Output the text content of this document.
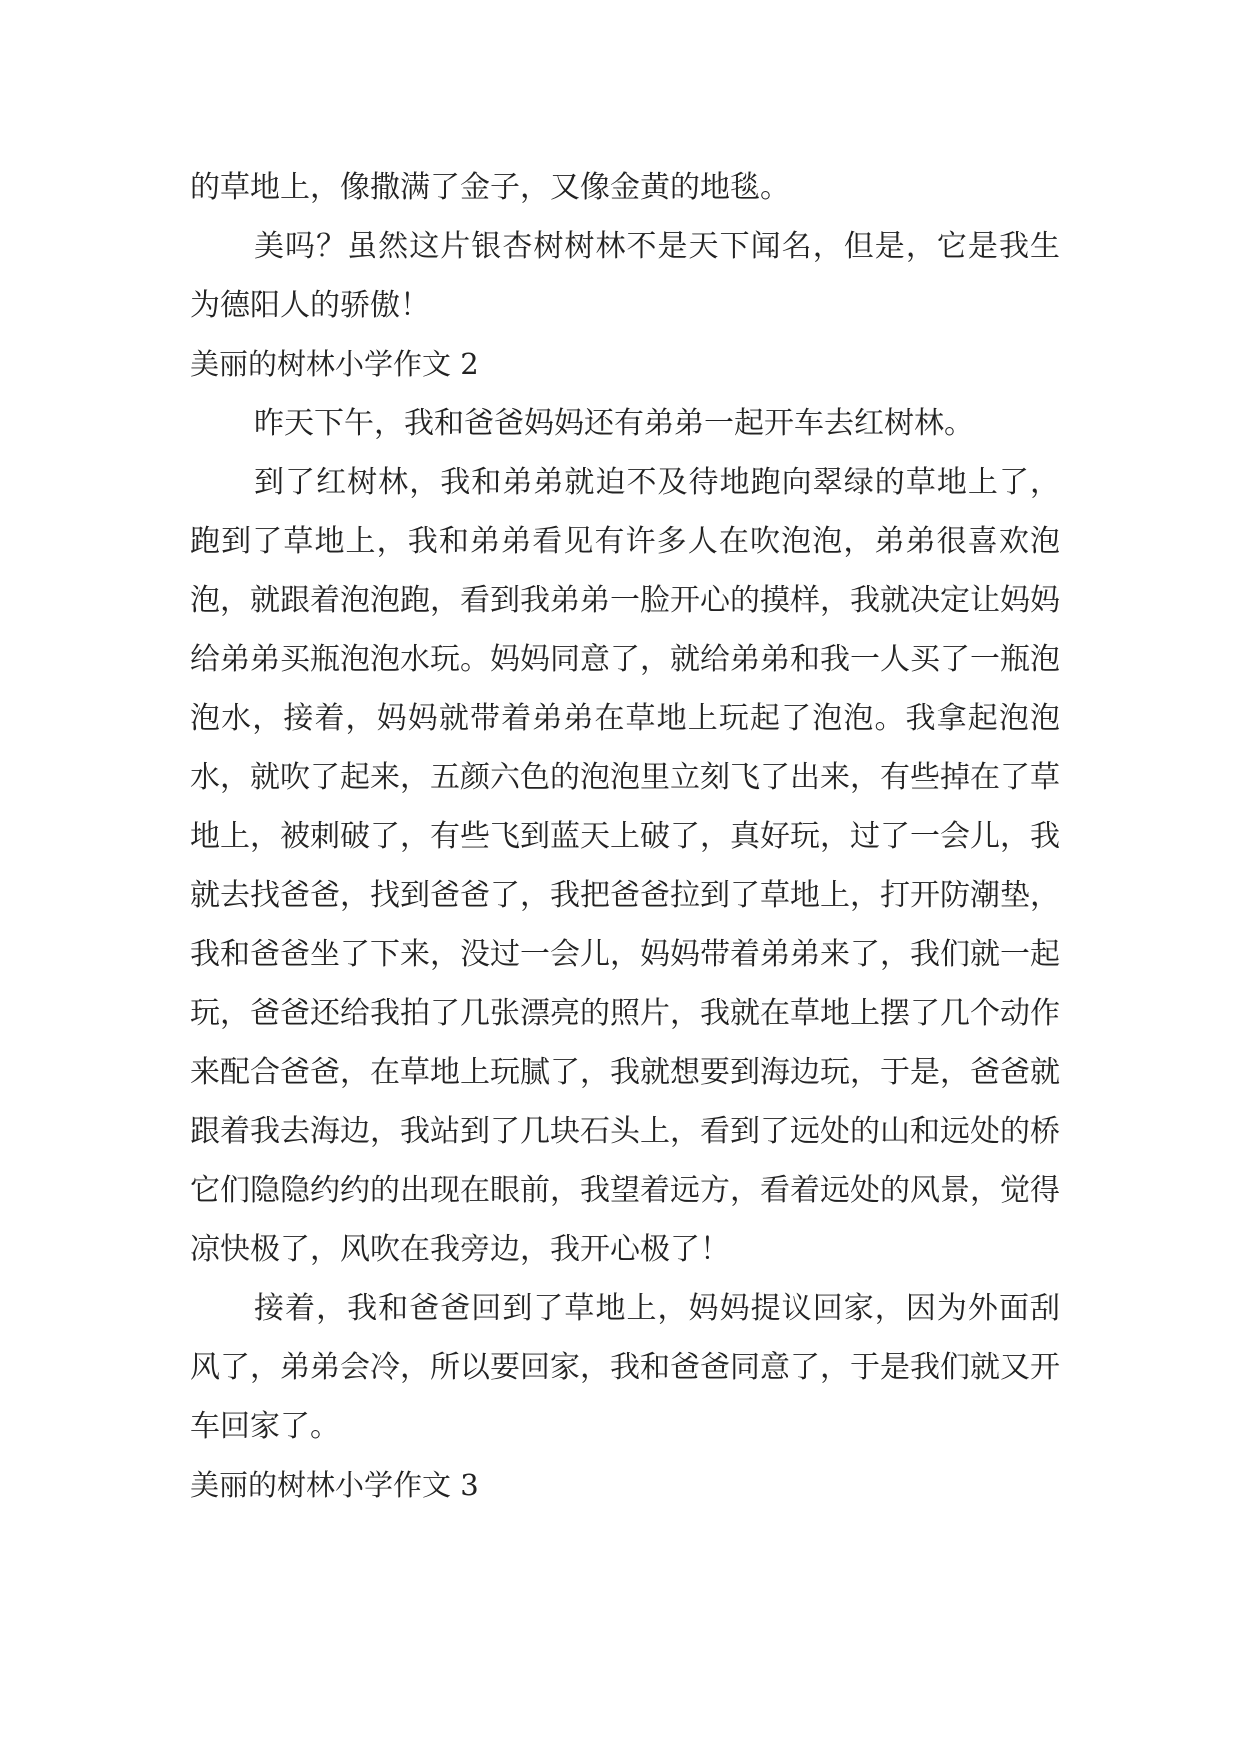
的草地上，像撒满了金子，又像金黄的地毯。

美吗？虽然这片银杏树树林不是天下闻名，但是，它是我生为德阳人的骄傲！

美丽的树林小学作文 2

昨天下午，我和爸爸妈妈还有弟弟一起开车去红树林。

到了红树林，我和弟弟就迫不及待地跑向翠绿的草地上了，跑到了草地上，我和弟弟看见有许多人在吹泡泡，弟弟很喜欢泡泡，就跟着泡泡跑，看到我弟弟一脸开心的摸样，我就决定让妈妈给弟弟买瓶泡泡水玩。妈妈同意了，就给弟弟和我一人买了一瓶泡泡水，接着，妈妈就带着弟弟在草地上玩起了泡泡。我拿起泡泡水，就吹了起来，五颜六色的泡泡里立刻飞了出来，有些掉在了草地上，被刺破了，有些飞到蓝天上破了，真好玩，过了一会儿，我就去找爸爸，找到爸爸了，我把爸爸拉到了草地上，打开防潮垫，我和爸爸坐了下来，没过一会儿，妈妈带着弟弟来了，我们就一起玩，爸爸还给我拍了几张漂亮的照片，我就在草地上摆了几个动作来配合爸爸，在草地上玩腻了，我就想要到海边玩，于是，爸爸就跟着我去海边，我站到了几块石头上，看到了远处的山和远处的桥它们隐隐约约的出现在眼前，我望着远方，看着远处的风景，觉得凉快极了，风吹在我旁边，我开心极了！

接着，我和爸爸回到了草地上，妈妈提议回家，因为外面刮风了，弟弟会冷，所以要回家，我和爸爸同意了，于是我们就又开车回家了。

美丽的树林小学作文 3
